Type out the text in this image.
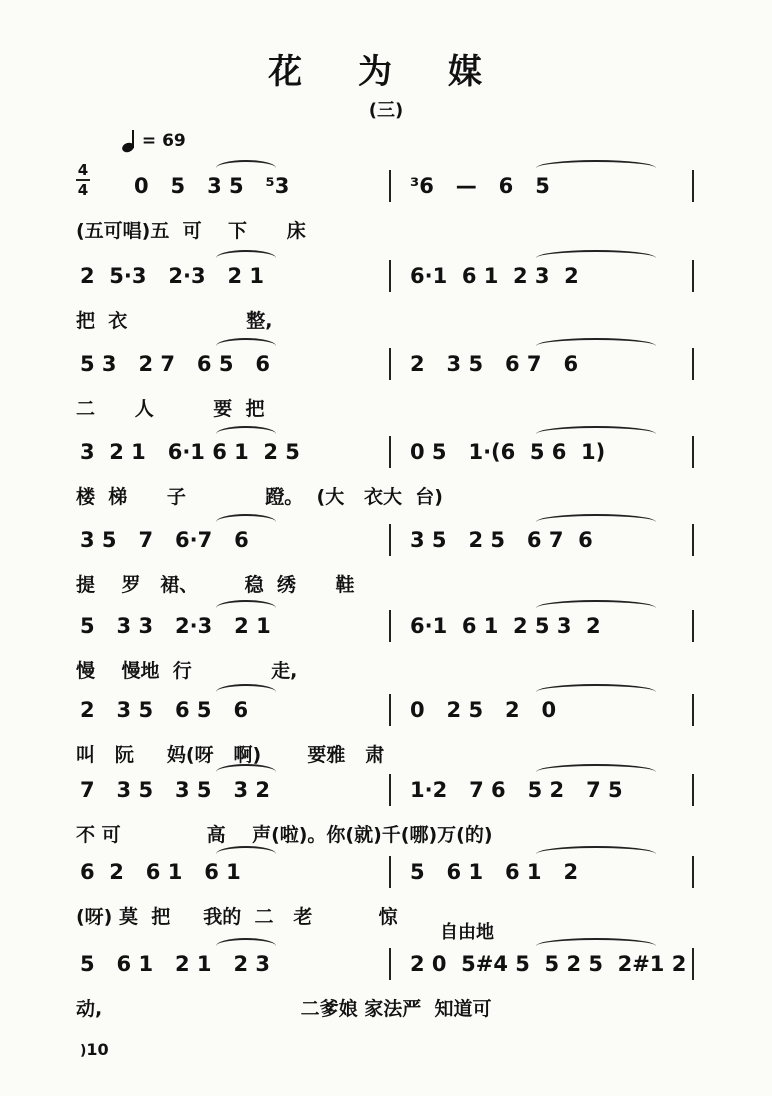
花 为 媒
(三)
= 69
0   5   3 5   ⁵3	³6   —   6   5
4
4
(五可唱)五  可    下      床
2  5·3   2·3   2 1	6·1  6 1  2 3  2
把  衣                  整,
5 3   2 7   6 5   6	2   3 5   6 7   6
二      人         要  把
3  2 1   6·1 6 1  2 5	0 5   1·(6  5 6  1)
楼  梯      子            蹬。  (大   衣大  台)
3 5   7   6·7   6	3 5   2 5   6 7  6
提    罗   裙、       稳  绣      鞋
5   3 3   2·3   2 1	6·1  6 1  2 5 3  2
慢    慢地  行            走,
2   3 5   6 5   6	0   2 5   2   0
叫   阮     妈(呀   啊)       要雅   肃
7   3 5   3 5   3 2	1·2   7 6   5 2   7 5
不 可             高    声(啦)。你(就)千(哪)万(的)
6  2   6 1   6 1	5   6 1   6 1   2
(呀) 莫  把     我的  二   老          惊
5   6 1   2 1   2 3	2 0  5#4 5  5 2 5  2#1 2
动,                              二爹娘 家法严  知道可
自由地
)10
